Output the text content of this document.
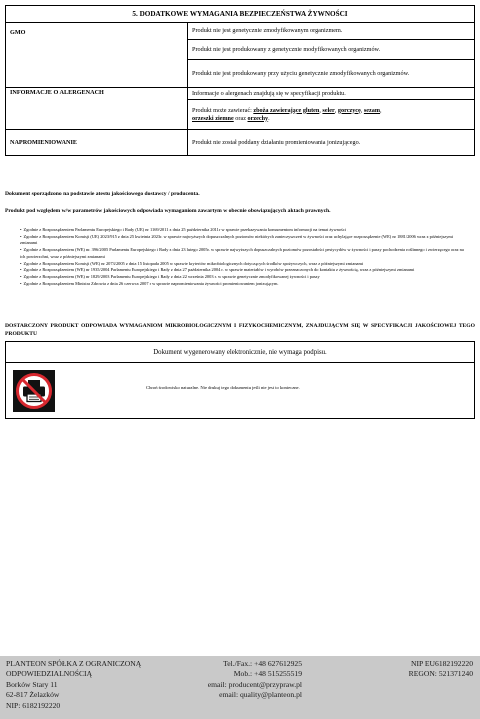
5. DODATKOWE WYMAGANIA BEZPIECZEŃSTWA ŻYWNOŚCI	
GMO	Produkt nie jest genetycznie zmodyfikowanym organizmem.
	Produkt nie jest produkowany z genetycznie modyfikowanych organizmów.
	Produkt nie jest produkowany przy użyciu genetycznie zmodyfikowanych organizmów.
INFORMACJE O ALERGENACH	Informacje o alergenach znajdują się w specyfikacji produktu.
	Produkt może zawierać: zboża zawierające gluten, seler, gorczycę, sezam,
orzeszki ziemne oraz orzechy.
NAPROMIENIOWANIE	Produkt nie został poddany działaniu promieniowania jonizującego.
Dokument sporządzono na podstawie atestu jakościowego dostawcy / producenta.
Produkt pod względem w/w parametrów jakościowych odpowiada wymaganiom zawartym w obecnie obowiązujących aktach prawnych.
• Zgodnie z Rozporządzeniem Parlamentu Europejskiego i Rady (UE) nr 1169/2011 z dnia 25 października 2011r w sprawie przekazywania konsumentom informacji na temat żywności
• Zgodnie z Rozporządzeniem Komisji (UE) 2023/915 z dnia 25 kwietnia 2023r. w sprawie najwyższych dopuszczalnych poziomów niektórych zanieczyszczeń w żywności oraz uchylające rozporządzenie (WE) nr 1881/2006 wraz z późniejszymi zmianami
• Zgodnie z Rozporządzeniem (WE) nr. 396/2005 Parlamentu Europejskiego i Rady z dnia 23 lutego 2005r. w sprawie najwyższych dopuszczalnych poziomów pozostałości pestycydów w żywności i paszy pochodzenia roślinnego i zwierzęcego oraz na ich powierzchni, wraz z późniejszymi zmianami
• Zgodnie z Rozporządzeniem Komisji (WE) nr 2073/2005 z dnia 15 listopada 2005 w sprawie kryteriów mikrobiologicznych dotyczących środków spożywczych, wraz z późniejszymi zmianami
• Zgodnie z Rozporządzeniem (WE) nr 1935/2004 Parlamentu Europejskiego i Rady z dnia 27 października 2004 r. w sprawie materiałów i wyrobów przeznaczonych do kontaktu z żywnością, wraz z późniejszymi zmianami
• Zgodnie z Rozporządzeniem (WE) nr 1829/2003 Parlamentu Europejskiego i Rady z dnia 22 września 2003 r. w sprawie genetycznie zmodyfikowanej żywności i paszy
• Zgodnie z Rozporządzeniem Ministra Zdrowia z dnia 26 czerwca 2007 r w sprawie napromieniowania żywności promieniowaniem jonizującym.
DOSTARCZONY PRODUKT ODPOWIADA WYMAGANIOM MIKROBIOLOGICZNYM I FIZYKOCHEMICZNYM, ZNAJDUJĄCYM SIĘ W SPECYFIKACJI JAKOŚCIOWEJ TEGO PRODUKTU
Dokument wygenerowany elektronicznie, nie wymaga podpisu.
Chroń środowisko naturalne. Nie drukuj tego dokumentu jeśli nie jest to konieczne.
PLANTEON SPÓŁKA Z OGRANICZONĄ
ODPOWIEDZIALNOŚCIĄ
Borków Stary 11
62-817 Żelazków
NIP: 6182192220
Tel./Fax.: +48 627612925
Mob.: +48 515255519
email: producent@przypraw.pl
email: quality@planteon.pl
NIP EU6182192220
REGON: 521371240
